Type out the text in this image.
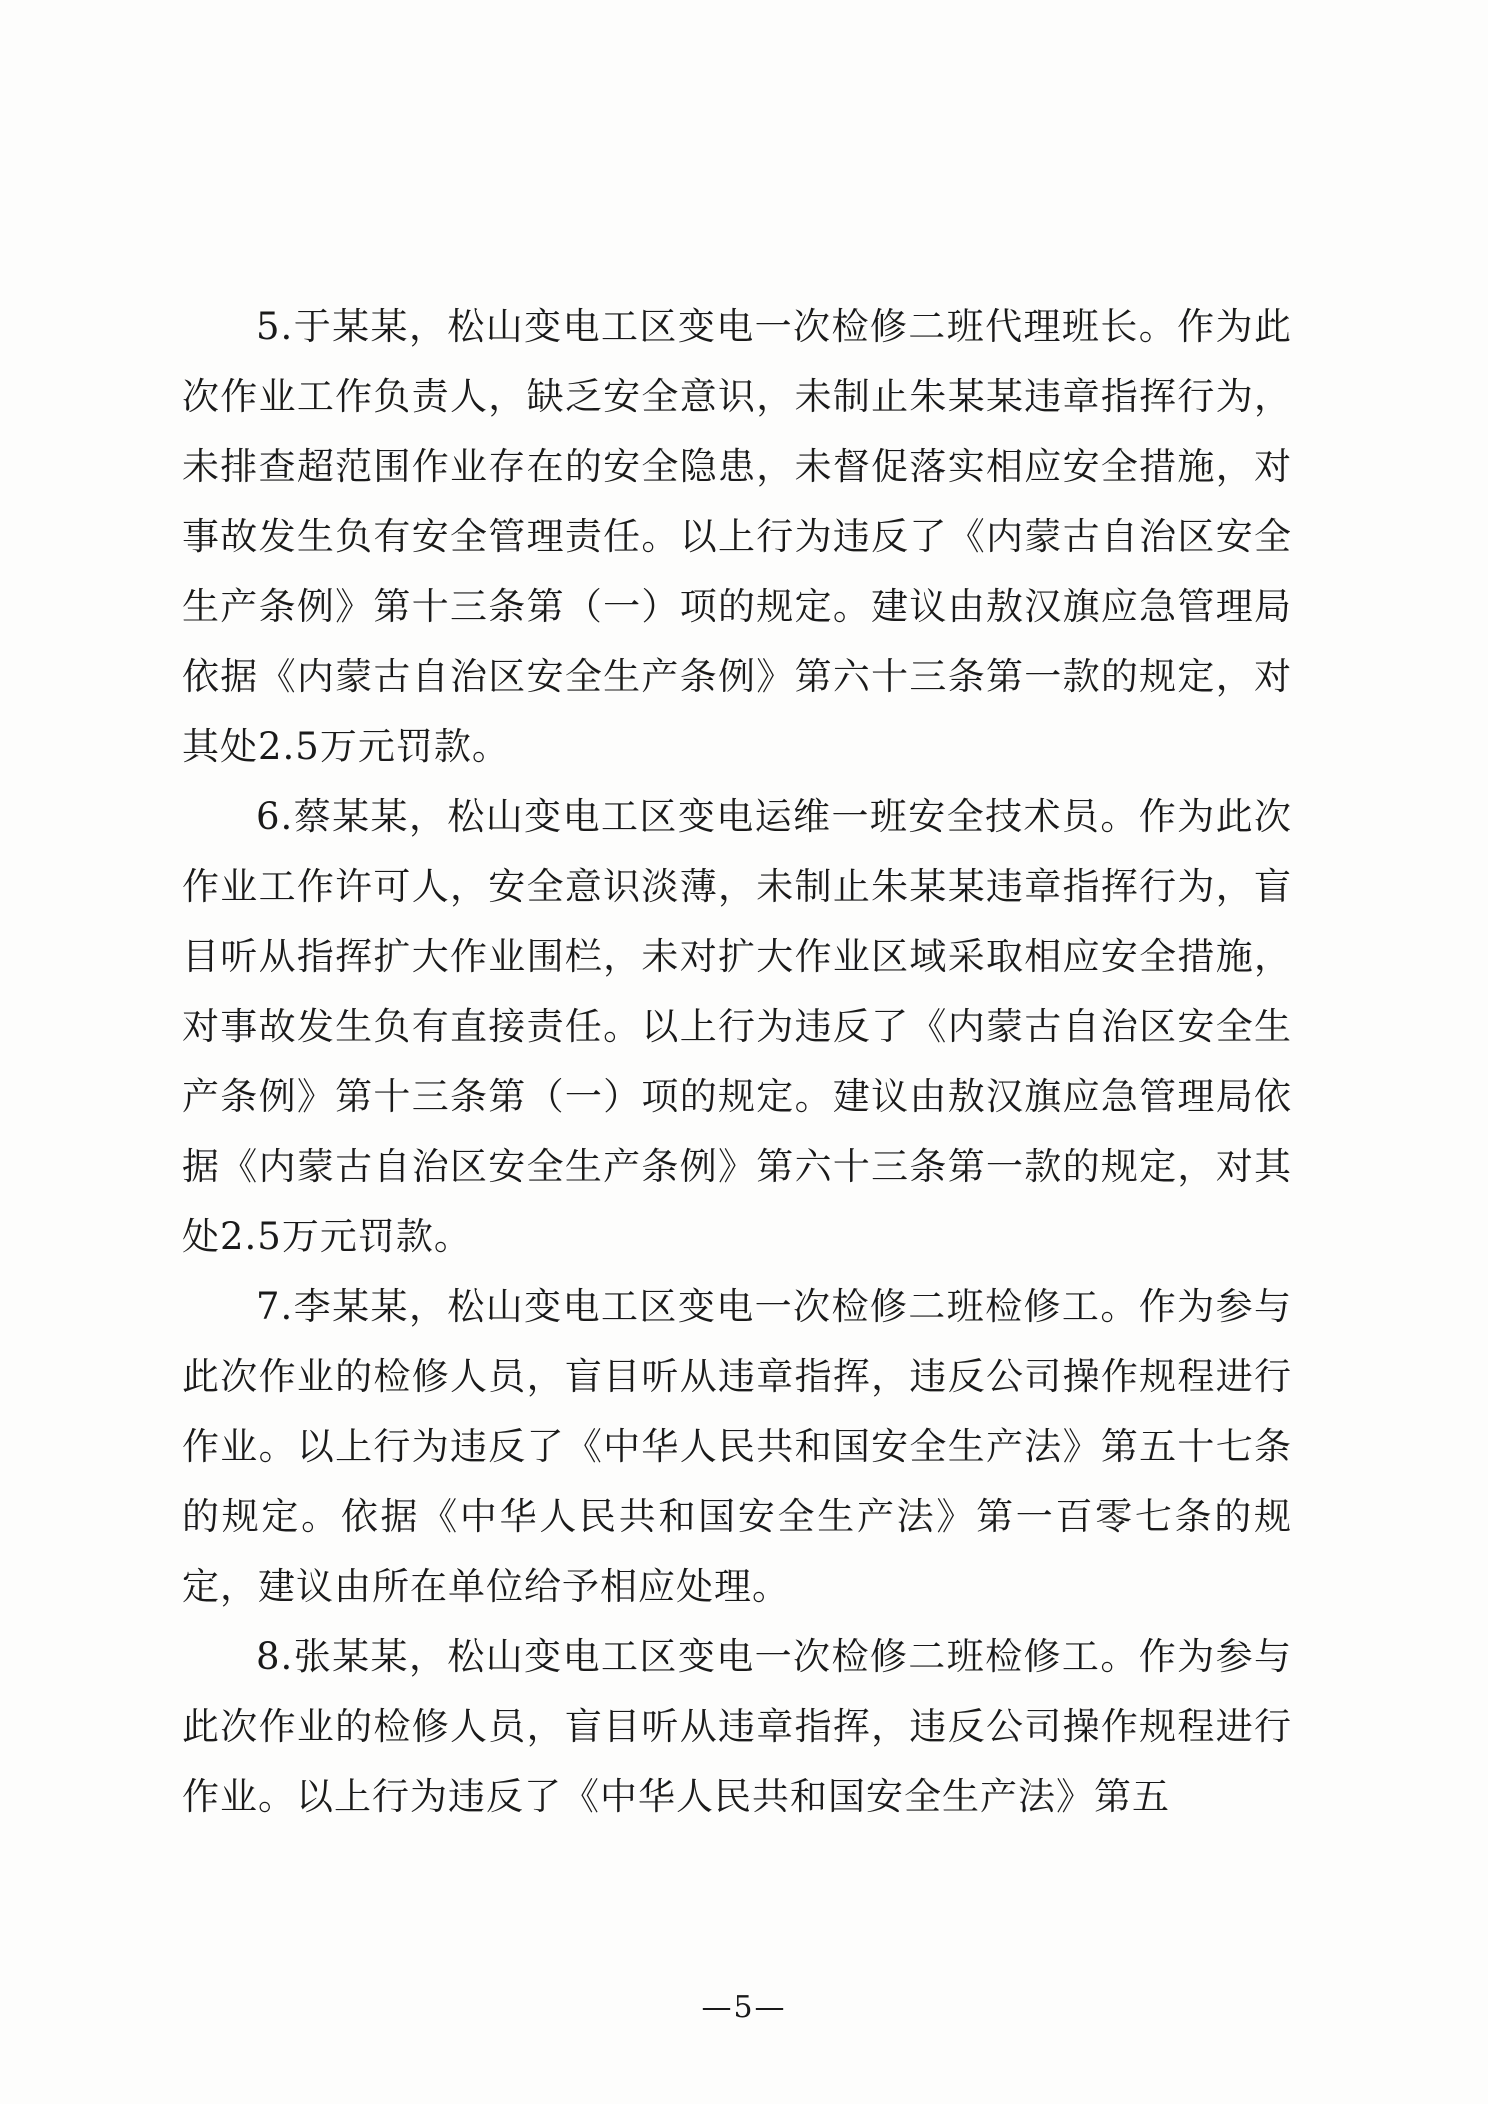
5.于某某，松山变电工区变电一次检修二班代理班长。作为此次作业工作负责人，缺乏安全意识，未制止朱某某违章指挥行为，未排查超范围作业存在的安全隐患，未督促落实相应安全措施，对事故发生负有安全管理责任。以上行为违反了《内蒙古自治区安全生产条例》第十三条第（一）项的规定。建议由敖汉旗应急管理局依据《内蒙古自治区安全生产条例》第六十三条第一款的规定，对其处2.5万元罚款。

6.蔡某某，松山变电工区变电运维一班安全技术员。作为此次作业工作许可人，安全意识淡薄，未制止朱某某违章指挥行为，盲目听从指挥扩大作业围栏，未对扩大作业区域采取相应安全措施，对事故发生负有直接责任。以上行为违反了《内蒙古自治区安全生产条例》第十三条第（一）项的规定。建议由敖汉旗应急管理局依据《内蒙古自治区安全生产条例》第六十三条第一款的规定，对其处2.5万元罚款。

7.李某某，松山变电工区变电一次检修二班检修工。作为参与此次作业的检修人员，盲目听从违章指挥，违反公司操作规程进行作业。以上行为违反了《中华人民共和国安全生产法》第五十七条的规定。依据《中华人民共和国安全生产法》第一百零七条的规定，建议由所在单位给予相应处理。

8.张某某，松山变电工区变电一次检修二班检修工。作为参与此次作业的检修人员，盲目听从违章指挥，违反公司操作规程进行作业。以上行为违反了《中华人民共和国安全生产法》第五

—5—
